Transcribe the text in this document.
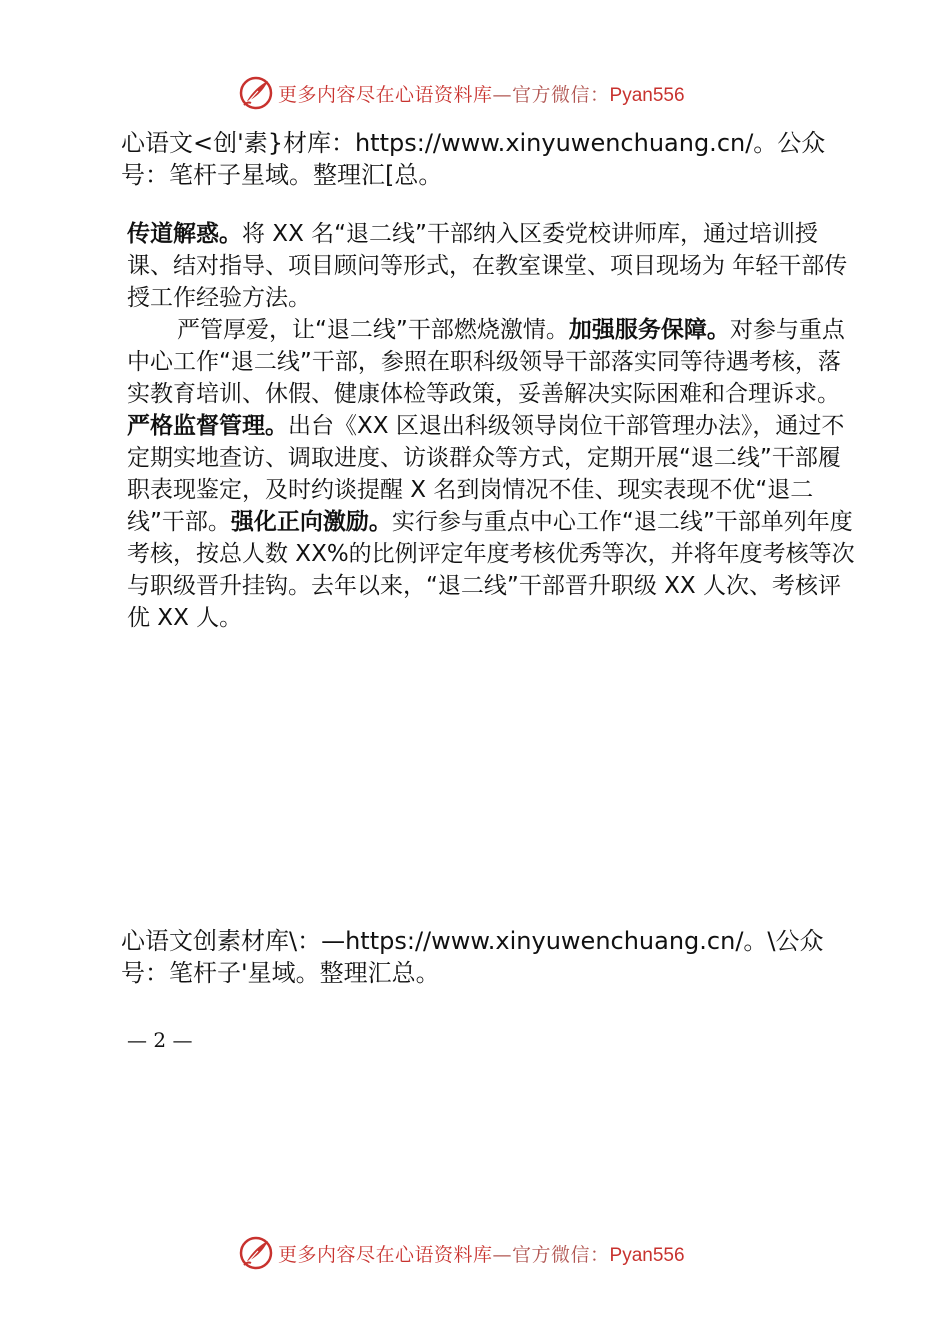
更多内容尽在心语资料库—官方微信：Pyan556
心语文<创'素}材库：https://www.xinyuwenchuang.cn/。公众
号：笔杆子星域。整理汇[总。

传道解惑。将 XX 名“退二线”干部纳入区委党校讲师库，通过培训授课、结对指导、项目顾问等形式，在教室课堂、项目现场为 年轻干部传授工作经验方法。

严管厚爱，让“退二线”干部燃烧激情。加强服务保障。对参与重点中心工作“退二线”干部，参照在职科级领导干部落实同等待遇考核，落实教育培训、休假、健康体检等政策，妥善解决实际困难和合理诉求。严格监督管理。出台《XX 区退出科级领导岗位干部管理办法》，通过不定期实地查访、调取进度、访谈群众等方式，定期开展“退二线”干部履职表现鉴定，及时约谈提醒 X 名到岗情况不佳、现实表现不优“退二线”干部。强化正向激励。实行参与重点中心工作“退二线”干部单列年度考核，按总人数 XX%的比例评定年度考核优秀等次，并将年度考核等次与职级晋升挂钩。去年以来，“退二线”干部晋升职级 XX 人次、考核评优 XX 人。

心语文创素材库\：—https://www.xinyuwenchuang.cn/。\公众
号：笔杆子'星域。整理汇总。
— 2 —
更多内容尽在心语资料库—官方微信：Pyan556
